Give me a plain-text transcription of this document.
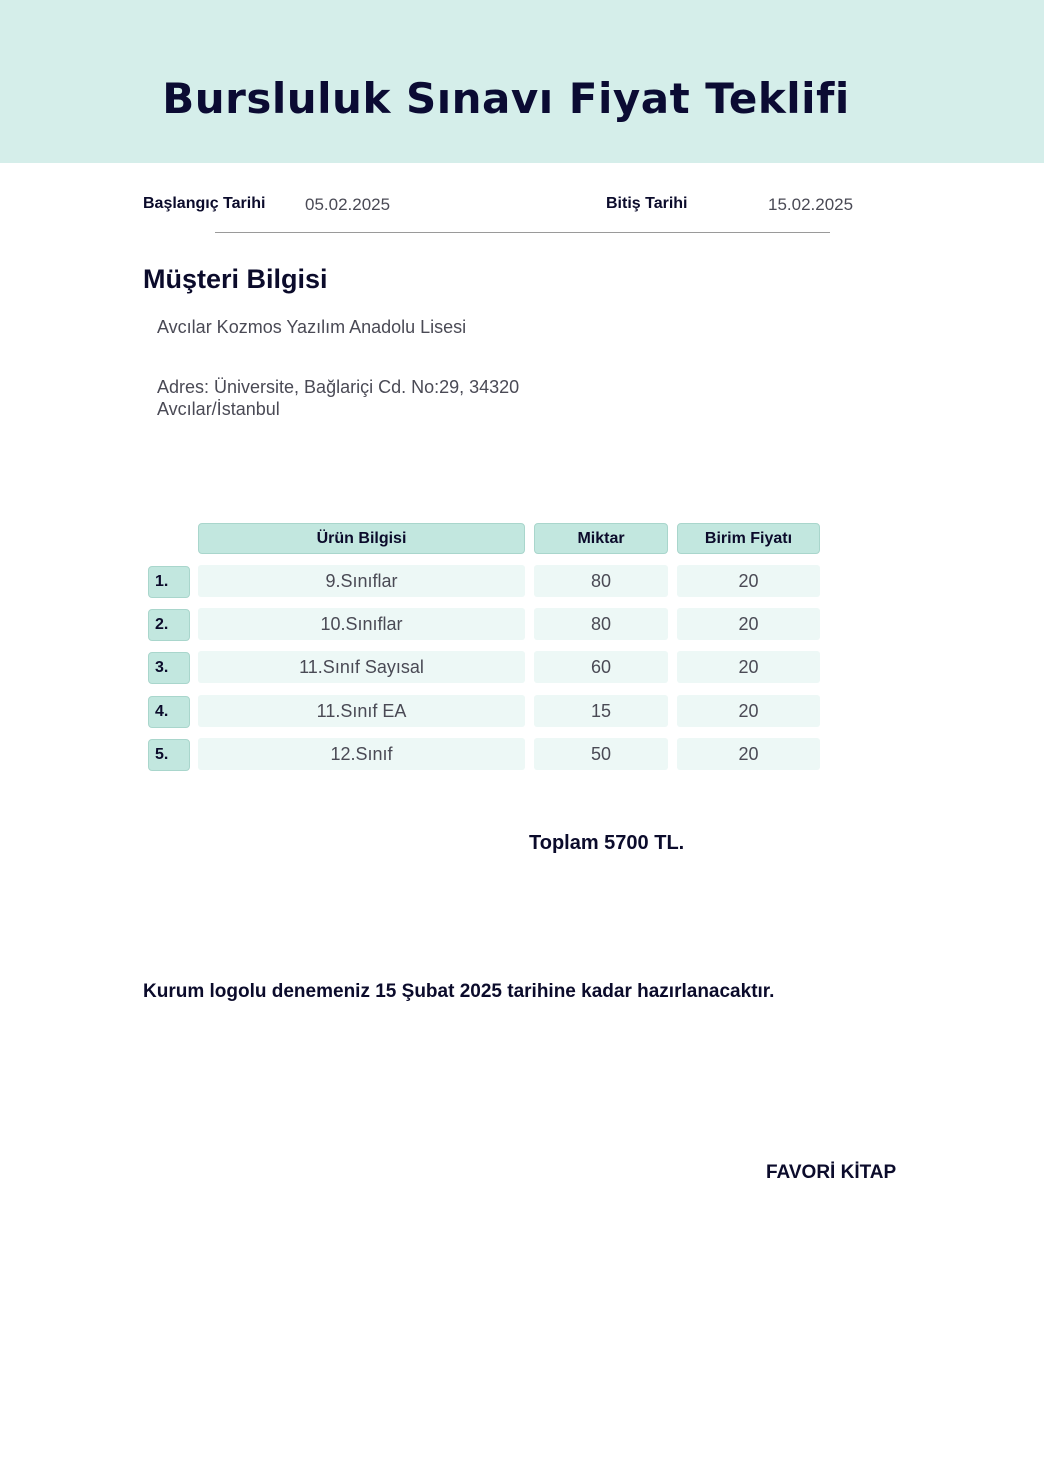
Bursluluk Sınavı Fiyat Teklifi
Başlangıç Tarihi 05.02.2025	Bitiş Tarihi	15.02.2025
Müşteri Bilgisi
Avcılar Kozmos Yazılım Anadolu Lisesi
Adres: Üniversite, Bağlariçi Cd. No:29, 34320
Avcılar/İstanbul
Ürün Bilgisi	Miktar	Birim Fiyatı
1.	9.Sınıflar	80	20
2.	10.Sınıflar	80	20
3.	11.Sınıf Sayısal	60	20
4.	11.Sınıf EA	15	20
5.	12.Sınıf	50	20
Toplam 5700 TL.
Kurum logolu denemeniz 15 Şubat 2025 tarihine kadar hazırlanacaktır.
FAVORİ KİTAP
